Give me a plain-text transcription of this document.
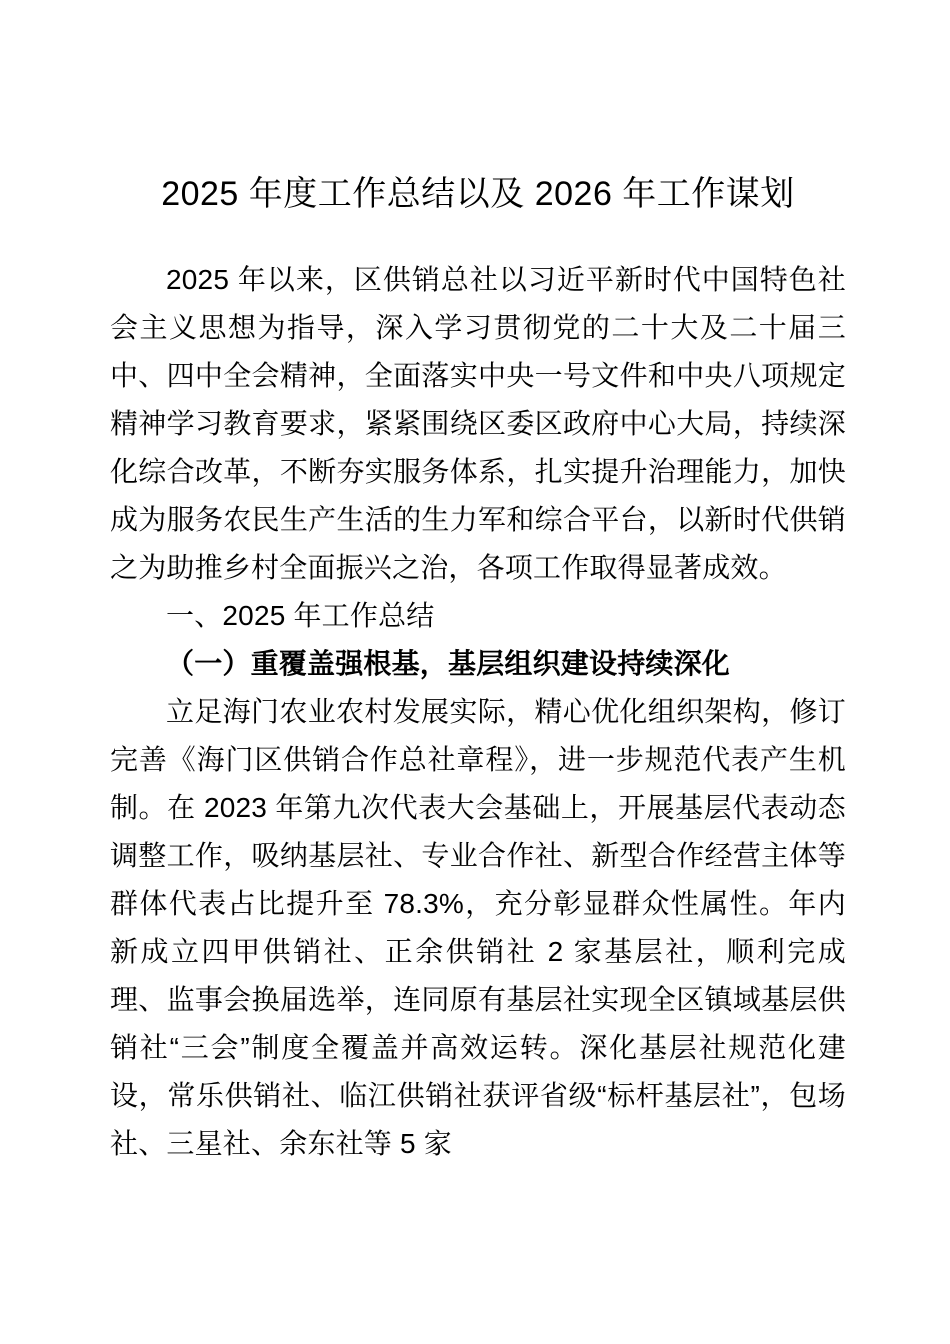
2025 年度工作总结以及 2026 年工作谋划

2025 年以来，区供销总社以习近平新时代中国特色社会主义思想为指导，深入学习贯彻党的二十大及二十届三中、四中全会精神，全面落实中央一号文件和中央八项规定精神学习教育要求，紧紧围绕区委区政府中心大局，持续深化综合改革，不断夯实服务体系，扎实提升治理能力，加快成为服务农民生产生活的生力军和综合平台，以新时代供销之为助推乡村全面振兴之治，各项工作取得显著成效。

一、2025 年工作总结

（一）重覆盖强根基，基层组织建设持续深化

立足海门农业农村发展实际，精心优化组织架构，修订完善《海门区供销合作总社章程》，进一步规范代表产生机制。在 2023 年第九次代表大会基础上，开展基层代表动态调整工作，吸纳基层社、专业合作社、新型合作经营主体等群体代表占比提升至 78.3%，充分彰显群众性属性。年内新成立四甲供销社、正余供销社 2 家基层社，顺利完成理、监事会换届选举，连同原有基层社实现全区镇域基层供销社“三会”制度全覆盖并高效运转。深化基层社规范化建设，常乐供销社、临江供销社获评省级“标杆基层社”，包场社、三星社、余东社等 5 家
